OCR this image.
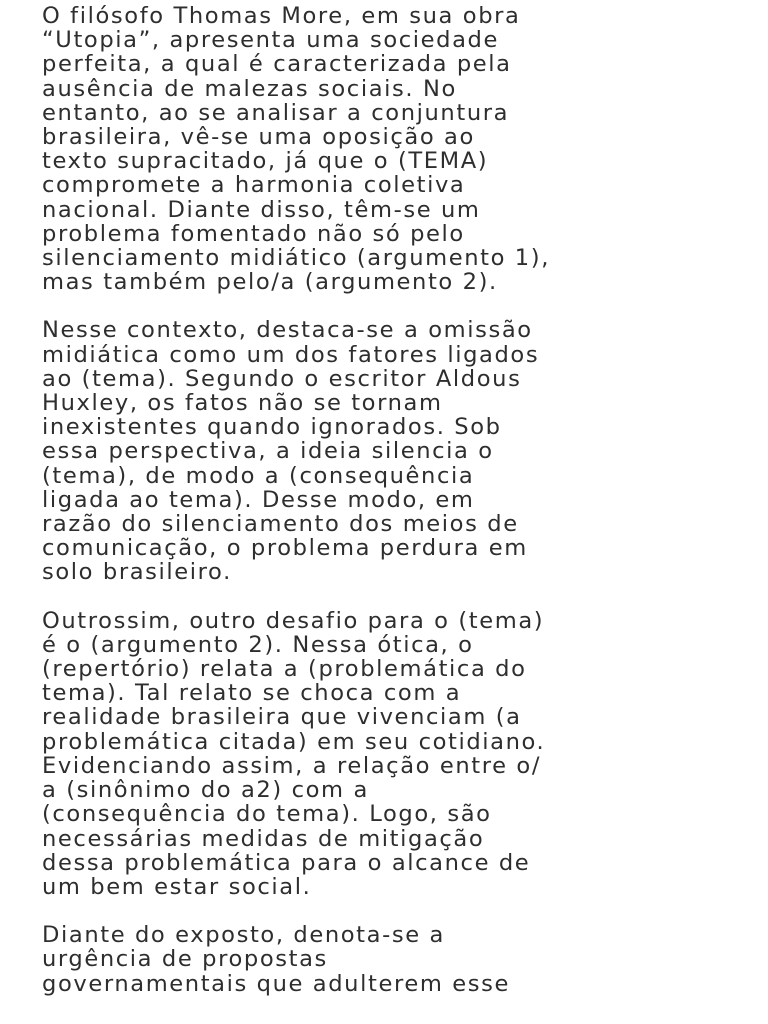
O filósofo Thomas More, em sua obra
“Utopia”, apresenta uma sociedade
perfeita, a qual é caracterizada pela
ausência de malezas sociais. No
entanto, ao se analisar a conjuntura
brasileira, vê-se uma oposição ao
texto supracitado, já que o (TEMA)
compromete a harmonia coletiva
nacional. Diante disso, têm-se um
problema fomentado não só pelo
silenciamento midiático (argumento 1),
mas também pelo/a (argumento 2).
Nesse contexto, destaca-se a omissão
midiática como um dos fatores ligados
ao (tema). Segundo o escritor Aldous
Huxley, os fatos não se tornam
inexistentes quando ignorados. Sob
essa perspectiva, a ideia silencia o
(tema), de modo a (consequência
ligada ao tema). Desse modo, em
razão do silenciamento dos meios de
comunicação, o problema perdura em
solo brasileiro.
Outrossim, outro desafio para o (tema)
é o (argumento 2). Nessa ótica, o
(repertório) relata a (problemática do
tema). Tal relato se choca com a
realidade brasileira que vivenciam (a
problemática citada) em seu cotidiano.
Evidenciando assim, a relação entre o/
a (sinônimo do a2) com a
(consequência do tema). Logo, são
necessárias medidas de mitigação
dessa problemática para o alcance de
um bem estar social.
Diante do exposto, denota-se a
urgência de propostas
governamentais que adulterem esse
